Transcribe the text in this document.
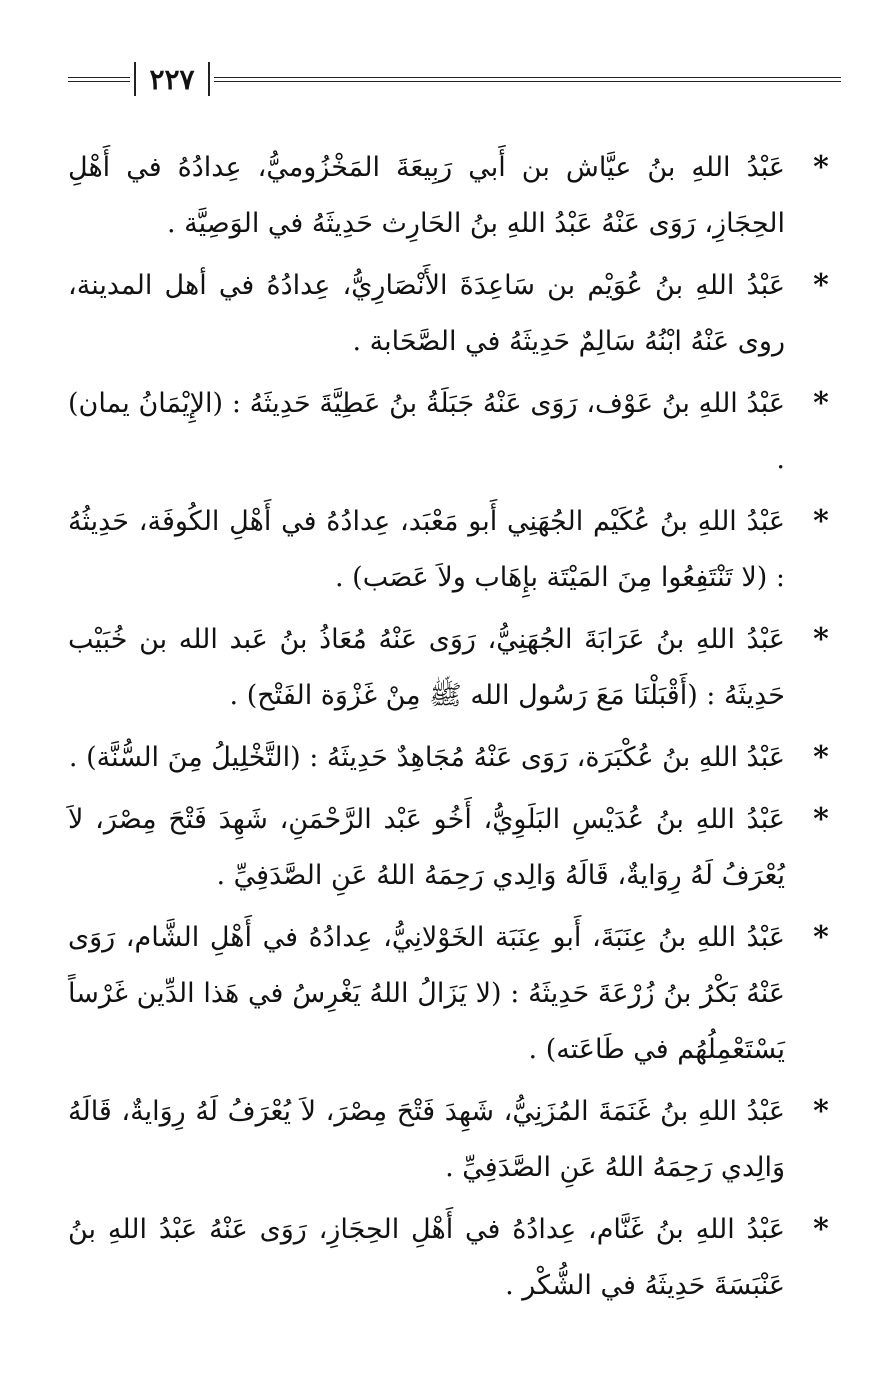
٢٢٧
*
عَبْدُ اللهِ بنُ عيَّاش بن أَبي رَبِيعَةَ المَخْزُوميُّ، عِدادُهُ في أَهْلِ الحِجَازِ، رَوَى عَنْهُ عَبْدُ اللهِ بنُ الحَارِث حَدِيثَهُ في الوَصِيَّة .
*
عَبْدُ اللهِ بنُ عُوَيْم بن سَاعِدَةَ الأَنْصَارِيُّ، عِدادُهُ في أهل المدينة، روى عَنْهُ ابْنُهُ سَالِمٌ حَدِيثَهُ في الصَّحَابة .
*
عَبْدُ اللهِ بنُ عَوْف، رَوَى عَنْهُ جَبَلَةُ بنُ عَطِيَّةَ حَدِيثَهُ : (الإِيْمَانُ يمان) .
*
عَبْدُ اللهِ بنُ عُكَيْم الجُهَنِي أَبو مَعْبَد، عِدادُهُ في أَهْلِ الكُوفَة، حَدِيثُهُ : (لا تَنْتَفِعُوا مِنَ المَيْتَة بإِهَاب ولاَ عَصَب) .
*
عَبْدُ اللهِ بنُ عَرَابَةَ الجُهَنِيُّ، رَوَى عَنْهُ مُعَاذُ بنُ عَبد الله بن خُبَيْب حَدِيثَهُ : (أَقْبَلْنَا مَعَ رَسُول الله ﷺ مِنْ غَزْوَة الفَتْح) .
*
عَبْدُ اللهِ بنُ عُكْبَرَة، رَوَى عَنْهُ مُجَاهِدٌ حَدِيثَهُ : (التَّخْلِيلُ مِنَ السُّنَّة) .
*
عَبْدُ اللهِ بنُ عُدَيْسِ البَلَوِيُّ، أَخُو عَبْد الرَّحْمَنِ، شَهِدَ فَتْحَ مِصْرَ، لاَ يُعْرَفُ لَهُ رِوَايةٌ، قَالَهُ وَالِدي رَحِمَهُ اللهُ عَنِ الصَّدَفِيِّ .
*
عَبْدُ اللهِ بنُ عِنَبَةَ، أَبو عِنَبَة الخَوْلانِيُّ، عِدادُهُ في أَهْلِ الشَّام، رَوَى عَنْهُ بَكْرُ بنُ زُرْعَةَ حَدِيثَهُ : (لا يَزَالُ اللهُ يَغْرِسُ في هَذا الدِّين غَرْساً يَسْتَعْمِلُهُم في طَاعَته) .
*
عَبْدُ اللهِ بنُ غَنَمَةَ المُزَنِيُّ، شَهِدَ فَتْحَ مِصْرَ، لاَ يُعْرَفُ لَهُ رِوَايةٌ، قَالَهُ وَالِدي رَحِمَهُ اللهُ عَنِ الصَّدَفِيِّ .
*
عَبْدُ اللهِ بنُ غَنَّام، عِدادُهُ في أَهْلِ الحِجَازِ، رَوَى عَنْهُ عَبْدُ اللهِ بنُ عَنْبَسَةَ حَدِيثَهُ في الشُّكْر .
